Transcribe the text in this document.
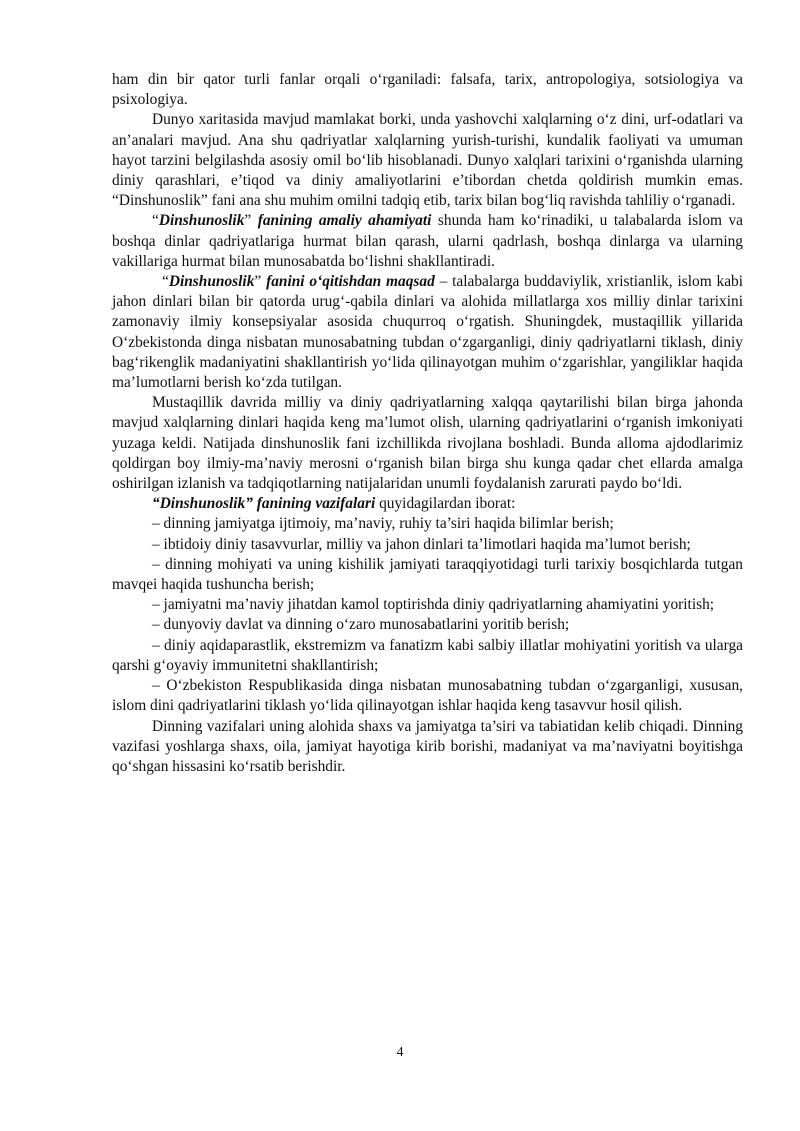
ham din bir qator turli fanlar orqali o‘rganiladi: falsafa, tarix, antropologiya, sotsiologiya va psixologiya.

Dunyo xaritasida mavjud mamlakat borki, unda yashovchi xalqlarning o‘z dini, urf-odatlari va an’analari mavjud. Ana shu qadriyatlar xalqlarning yurish-turishi, kundalik faoliyati va umuman hayot tarzini belgilashda asosiy omil bo‘lib hisoblanadi. Dunyo xalqlari tarixini o‘rganishda ularning diniy qarashlari, e’tiqod va diniy amaliyotlarini e’tibordan chetda qoldirish mumkin emas. “Dinshunoslik” fani ana shu muhim omilni tadqiq etib, tarix bilan bog‘liq ravishda tahliliy o‘rganadi.

“Dinshunoslik” fanining amaliy ahamiyati shunda ham ko‘rinadiki, u talabalarda islom va boshqa dinlar qadriyatlariga hurmat bilan qarash, ularni qadrlash, boshqa dinlarga va ularning vakillariga hurmat bilan munosabatda bo‘lishni shakllantiradi.

“Dinshunoslik” fanini o‘qitishdan maqsad – talabalarga buddaviylik, xristianlik, islom kabi jahon dinlari bilan bir qatorda urug‘-qabila dinlari va alohida millatlarga xos milliy dinlar tarixini zamonaviy ilmiy konsepsiyalar asosida chuqurroq o‘rgatish. Shuningdek, mustaqillik yillarida O‘zbekistonda dinga nisbatan munosabatning tubdan o‘zgarganligi, diniy qadriyatlarni tiklash, diniy bag‘rikenglik madaniyatini shakllantirish yo‘lida qilinayotgan muhim o‘zgarishlar, yangiliklar haqida ma’lumotlarni berish ko‘zda tutilgan.

Mustaqillik davrida milliy va diniy qadriyatlarning xalqqa qaytarilishi bilan birga jahonda mavjud xalqlarning dinlari haqida keng ma’lumot olish, ularning qadriyatlarini o‘rganish imkoniyati yuzaga keldi. Natijada dinshunoslik fani izchillikda rivojlana boshladi. Bunda alloma ajdodlarimiz qoldirgan boy ilmiy-ma’naviy merosni o‘rganish bilan birga shu kunga qadar chet ellarda amalga oshirilgan izlanish va tadqiqotlarning natijalaridan unumli foydalanish zarurati paydo bo‘ldi.

“Dinshunoslik” fanining vazifalari quyidagilardan iborat:

– dinning jamiyatga ijtimoiy, ma’naviy, ruhiy ta’siri haqida bilimlar berish;

– ibtidoiy diniy tasavvurlar, milliy va jahon dinlari ta’limotlari haqida ma’lumot berish;

– dinning mohiyati va uning kishilik jamiyati taraqqiyotidagi turli tarixiy bosqichlarda tutgan mavqei haqida tushuncha berish;

– jamiyatni ma’naviy jihatdan kamol toptirishda diniy qadriyatlarning ahamiyatini yoritish;

– dunyoviy davlat va dinning o‘zaro munosabatlarini yoritib berish;

– diniy aqidaparastlik, ekstremizm va fanatizm kabi salbiy illatlar mohiyatini yoritish va ularga qarshi g‘oyaviy immunitetni shakllantirish;

– O‘zbekiston Respublikasida dinga nisbatan munosabatning tubdan o‘zgarganligi, xususan, islom dini qadriyatlarini tiklash yo‘lida qilinayotgan ishlar haqida keng tasavvur hosil qilish.

Dinning vazifalari uning alohida shaxs va jamiyatga ta’siri va tabiatidan kelib chiqadi. Dinning vazifasi yoshlarga shaxs, oila, jamiyat hayotiga kirib borishi, madaniyat va ma’naviyatni boyitishga qo‘shgan hissasini ko‘rsatib berishdir.

4
